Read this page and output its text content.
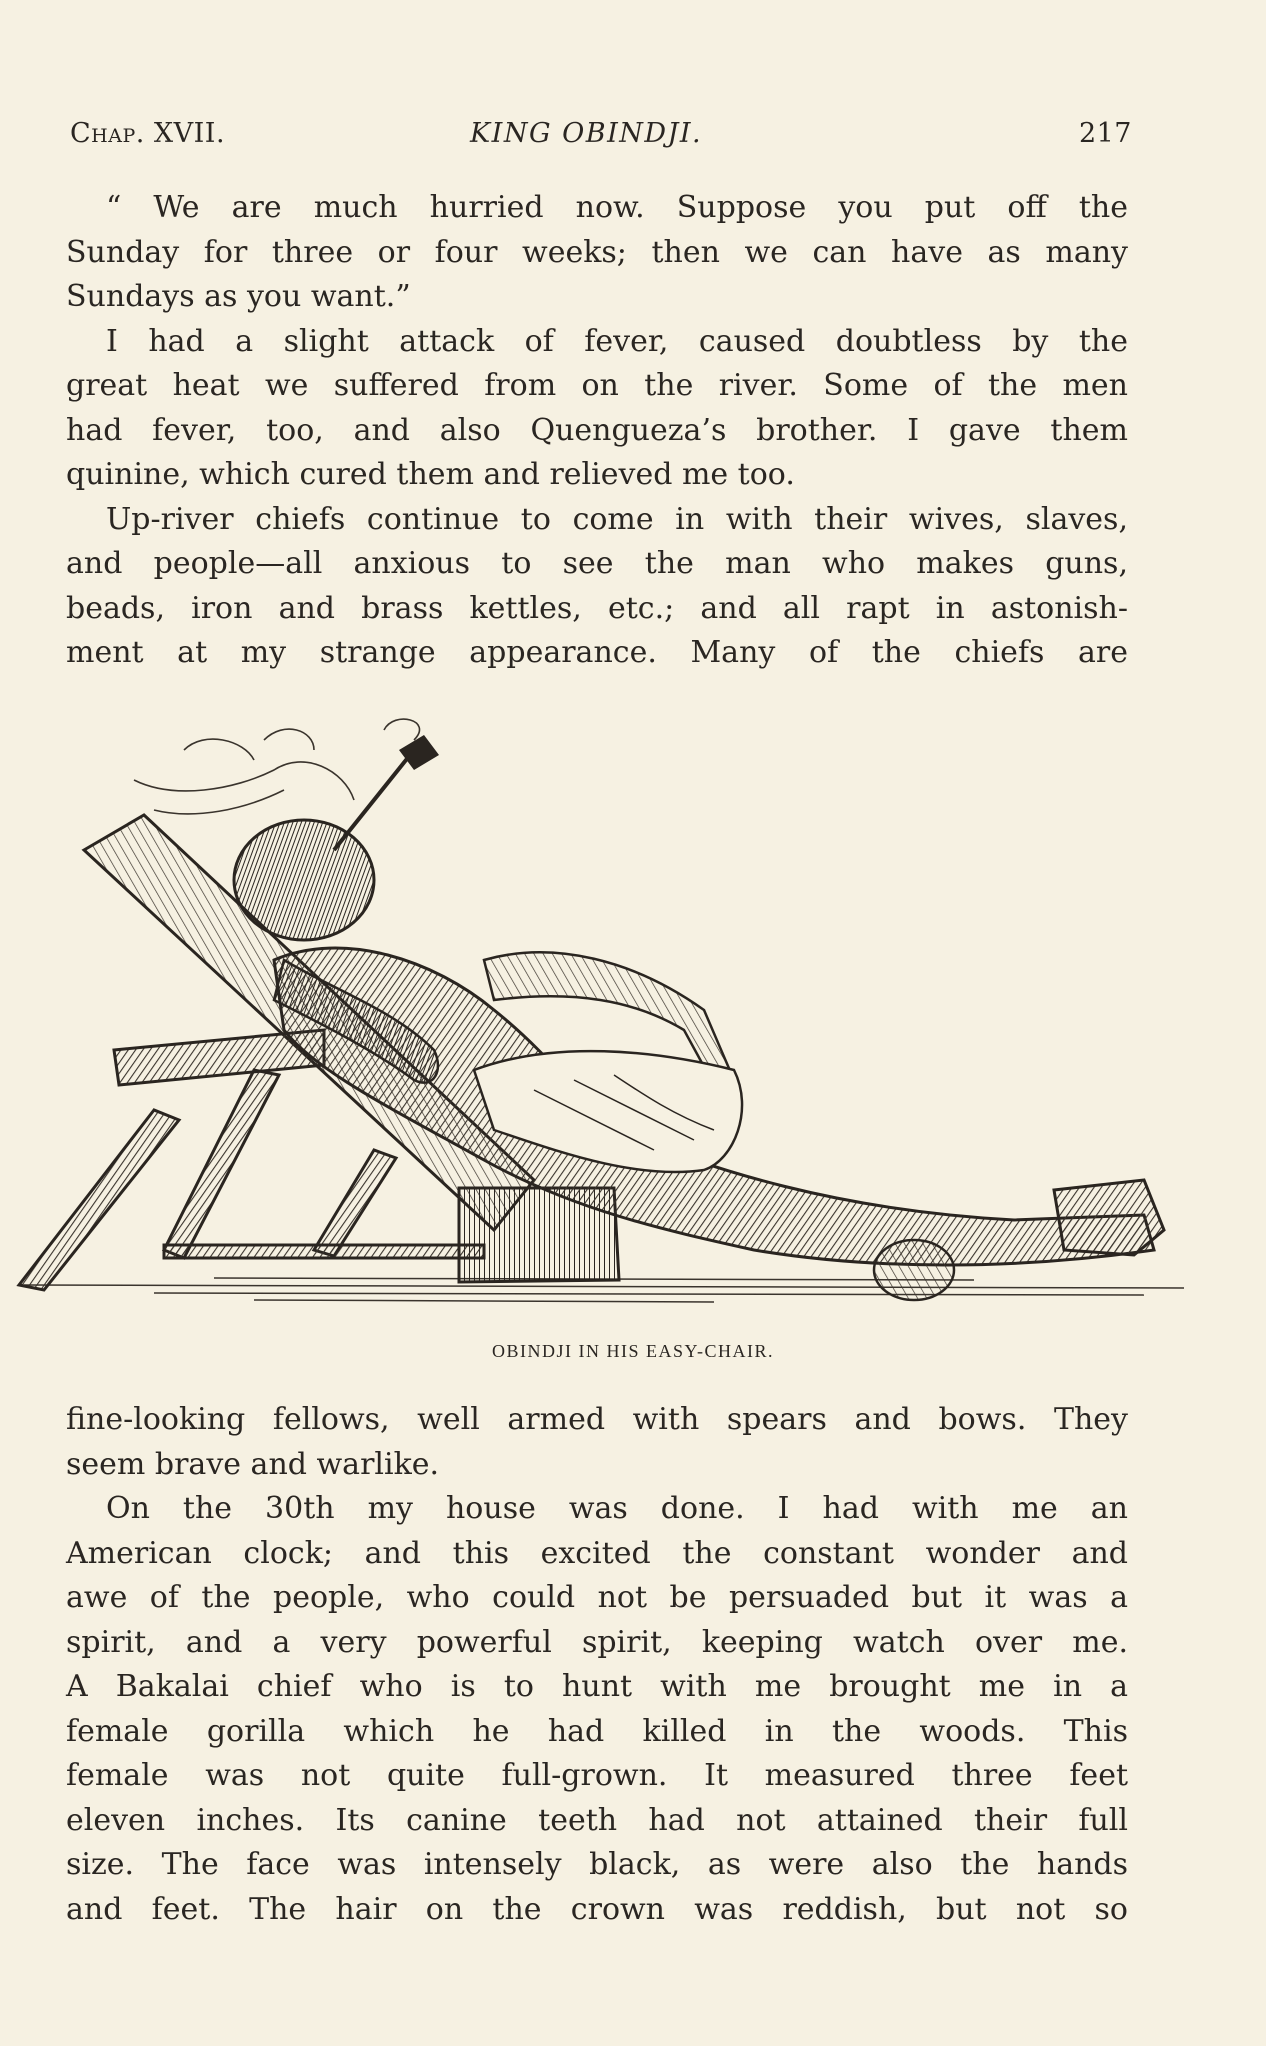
Chap. XVII.	KING OBINDJI.	217
“ We are much hurried now. Suppose you put off the
Sunday for three or four weeks; then we can have as many
Sundays as you want.”
I had a slight attack of fever, caused doubtless by the
great heat we suffered from on the river. Some of the men
had fever, too, and also Quengueza’s brother. I gave them
quinine, which cured them and relieved me too.
Up-river chiefs continue to come in with their wives, slaves,
and people—all anxious to see the man who makes guns,
beads, iron and brass kettles, etc.; and all rapt in astonish-
ment at my strange appearance. Many of the chiefs are
OBINDJI IN HIS EASY-CHAIR.
fine-looking fellows, well armed with spears and bows. They
seem brave and warlike.
On the 30th my house was done. I had with me an
American clock; and this excited the constant wonder and
awe of the people, who could not be persuaded but it was a
spirit, and a very powerful spirit, keeping watch over me.
A Bakalai chief who is to hunt with me brought me in a
female gorilla which he had killed in the woods. This
female was not quite full-grown. It measured three feet
eleven inches. Its canine teeth had not attained their full
size. The face was intensely black, as were also the hands
and feet. The hair on the crown was reddish, but not so
